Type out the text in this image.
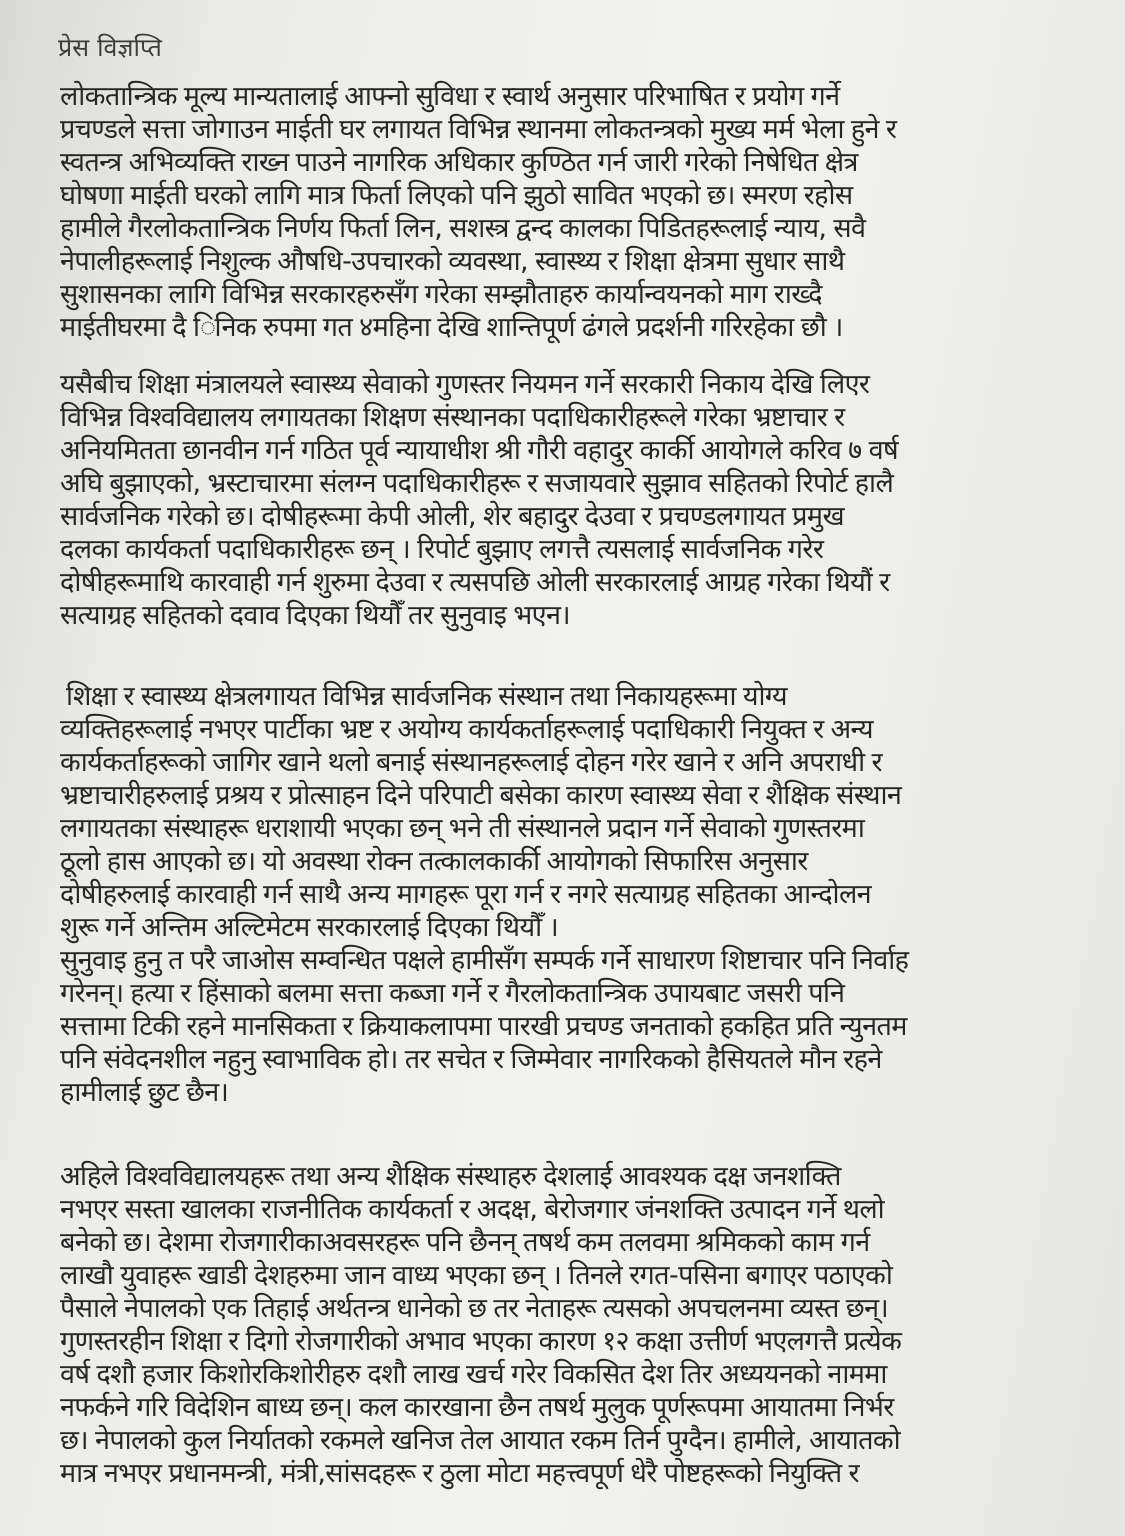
प्रेस विज्ञप्ति
लोकतान्त्रिक मूल्य मान्यतालाई आफ्नो सुविधा र स्वार्थ अनुसार परिभाषित र प्रयोग गर्ने
प्रचण्डले सत्ता जोगाउन माईती घर लगायत विभिन्न स्थानमा लोकतन्त्रको मुख्य मर्म भेला हुने र
स्वतन्त्र अभिव्यक्ति राख्न पाउने नागरिक अधिकार कुण्ठित गर्न जारी गरेको निषेधित क्षेत्र
घोषणा माईती घरको लागि मात्र फिर्ता लिएको पनि झुठो सावित भएको छ। स्मरण रहोस
हामीले गैरलोकतान्त्रिक निर्णय फिर्ता लिन, सशस्त्र द्वन्द कालका पिडितहरूलाई न्याय, सवै
नेपालीहरूलाई निशुल्क औषधि-उपचारको व्यवस्था, स्वास्थ्य र शिक्षा क्षेत्रमा सुधार साथै
सुशासनका लागि विभिन्न सरकारहरुसँग गरेका सम्झौताहरु कार्यान्वयनको माग राख्दै
माईतीघरमा दै िनिक रुपमा गत ४महिना देखि शान्तिपूर्ण ढंगले प्रदर्शनी गरिरहेका छौ ।
यसैबीच शिक्षा मंत्रालयले स्वास्थ्य सेवाको गुणस्तर नियमन गर्ने सरकारी निकाय देखि लिएर
विभिन्न विश्वविद्यालय लगायतका शिक्षण संस्थानका पदाधिकारीहरूले गरेका भ्रष्टाचार र
अनियमितता छानवीन गर्न गठित पूर्व न्यायाधीश श्री गौरी वहादुर कार्की आयोगले करिव ७ वर्ष
अघि बुझाएको, भ्रस्टाचारमा संलग्न पदाधिकारीहरू र सजायवारे सुझाव सहितको रिपोर्ट हालै
सार्वजनिक गरेको छ। दोषीहरूमा केपी ओली, शेर बहादुर देउवा र प्रचण्डलगायत प्रमुख
दलका कार्यकर्ता पदाधिकारीहरू छन् । रिपोर्ट बुझाए लगत्तै त्यसलाई सार्वजनिक गरेर
दोषीहरूमाथि कारवाही गर्न शुरुमा देउवा र त्यसपछि ओली सरकारलाई आग्रह गरेका थियौं र
सत्याग्रह सहितको दवाव दिएका थियौँ तर सुनुवाइ भएन।
शिक्षा र स्वास्थ्य क्षेत्रलगायत विभिन्न सार्वजनिक संस्थान तथा निकायहरूमा योग्य
व्यक्तिहरूलाई नभएर पार्टीका भ्रष्ट र अयोग्य कार्यकर्ताहरूलाई पदाधिकारी नियुक्त र अन्य
कार्यकर्ताहरूको जागिर खाने थलो बनाई संस्थानहरूलाई दोहन गरेर खाने र अनि अपराधी र
भ्रष्टाचारीहरुलाई प्रश्रय र प्रोत्साहन दिने परिपाटी बसेका कारण स्वास्थ्य सेवा र शैक्षिक संस्थान
लगायतका संस्थाहरू धराशायी भएका छन् भने ती संस्थानले प्रदान गर्ने सेवाको गुणस्तरमा
ठूलो हास आएको छ। यो अवस्था रोक्न तत्कालकार्की आयोगको सिफारिस अनुसार
दोषीहरुलाई कारवाही गर्न साथै अन्य मागहरू पूरा गर्न र नगरे सत्याग्रह सहितका आन्दोलन
शुरू गर्ने अन्तिम अल्टिमेटम सरकारलाई दिएका थियौँ ।
सुनुवाइ हुनु त परै जाओस सम्वन्धित पक्षले हामीसँग सम्पर्क गर्ने साधारण शिष्टाचार पनि निर्वाह
गरेनन्। हत्या र हिंसाको बलमा सत्ता कब्जा गर्ने र गैरलोकतान्त्रिक उपायबाट जसरी पनि
सत्तामा टिकी रहने मानसिकता र क्रियाकलापमा पारखी प्रचण्ड जनताको हकहित प्रति न्युनतम
पनि संवेदनशील नहुनु स्वाभाविक हो। तर सचेत र जिम्मेवार नागरिकको हैसियतले मौन रहने
हामीलाई छुट छैन।
अहिले विश्वविद्यालयहरू तथा अन्य शैक्षिक संस्थाहरु देशलाई आवश्यक दक्ष जनशक्ति
नभएर सस्ता खालका राजनीतिक कार्यकर्ता र अदक्ष, बेरोजगार जंनशक्ति उत्पादन गर्ने थलो
बनेको छ। देशमा रोजगारीकाअवसरहरू पनि छैनन् तषर्थ कम तलवमा श्रमिकको काम गर्न
लाखौ युवाहरू खाडी देशहरुमा जान वाध्य भएका छन् । तिनले रगत-पसिना बगाएर पठाएको
पैसाले नेपालको एक तिहाई अर्थतन्त्र धानेको छ तर नेताहरू त्यसको अपचलनमा व्यस्त छन्।
गुणस्तरहीन शिक्षा र दिगो रोजगारीको अभाव भएका कारण १२ कक्षा उत्तीर्ण भएलगत्तै प्रत्येक
वर्ष दशौ हजार किशोरकिशोरीहरु दशौ लाख खर्च गरेर विकसित देश तिर अध्ययनको नाममा
नफर्कने गरि विदेशिन बाध्य छन्। कल कारखाना छैन तषर्थ मुलुक पूर्णरूपमा आयातमा निर्भर
छ। नेपालको कुल निर्यातको रकमले खनिज तेल आयात रकम तिर्न पुग्दैन। हामीले, आयातको
मात्र नभएर प्रधानमन्त्री, मंत्री,सांसदहरू र ठुला मोटा महत्त्वपूर्ण धेरै पोष्टहरूको नियुक्ति र
